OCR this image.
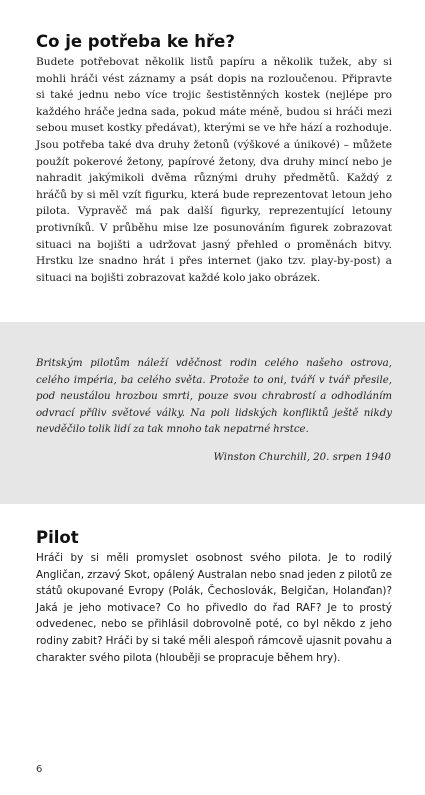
Co je potřeba ke hře?

Budete potřebovat několik listů papíru a několik tužek, aby si mohli hráči vést záznamy a psát dopis na rozloučenou. Připravte si také jednu nebo více trojic šestistěnných kostek (nejlépe pro každého hráče jedna sada, pokud máte méně, budou si hráči mezi sebou muset kostky předávat), kterými se ve hře hází a rozhoduje. Jsou potřeba také dva druhy žetonů (výškové a únikové) – můžete použít pokerové žetony, papírové žetony, dva druhy mincí nebo je nahradit jakýmikoli dvěma různými druhy předmětů. Každý z hráčů by si měl vzít figurku, která bude reprezentovat letoun jeho pilota. Vypravěč má pak další figurky, reprezentující letouny protivníků. V průběhu mise lze posunováním figurek zobrazovat situaci na bojišti a udržovat jasný přehled o proměnách bitvy. Hrstku lze snadno hrát i přes internet (jako tzv. play-by-post) a situaci na bojišti zobrazovat každé kolo jako obrázek.

Britským pilotům náleží vděčnost rodin celého našeho ostrova, celého impéria, ba celého světa. Protože to oni, tváří v tvář přesile, pod neustálou hrozbou smrti, pouze svou chrabrostí a odhodláním odvrací příliv světové války. Na poli lidských konfliktů ještě nikdy nevděčilo tolik lidí za tak mnoho tak nepatrné hrstce.

Winston Churchill, 20. srpen 1940

Pilot

Hráči by si měli promyslet osobnost svého pilota. Je to rodilý Angličan, zrzavý Skot, opálený Australan nebo snad jeden z pilotů ze států okupované Evropy (Polák, Čechoslovák, Belgičan, Holanďan)? Jaká je jeho motivace? Co ho přivedlo do řad RAF? Je to prostý odvedenec, nebo se přihlásil dobrovolně poté, co byl někdo z jeho rodiny zabit? Hráči by si také měli alespoň rámcově ujasnit povahu a charakter svého pilota (hlouběji se propracuje během hry).

6
